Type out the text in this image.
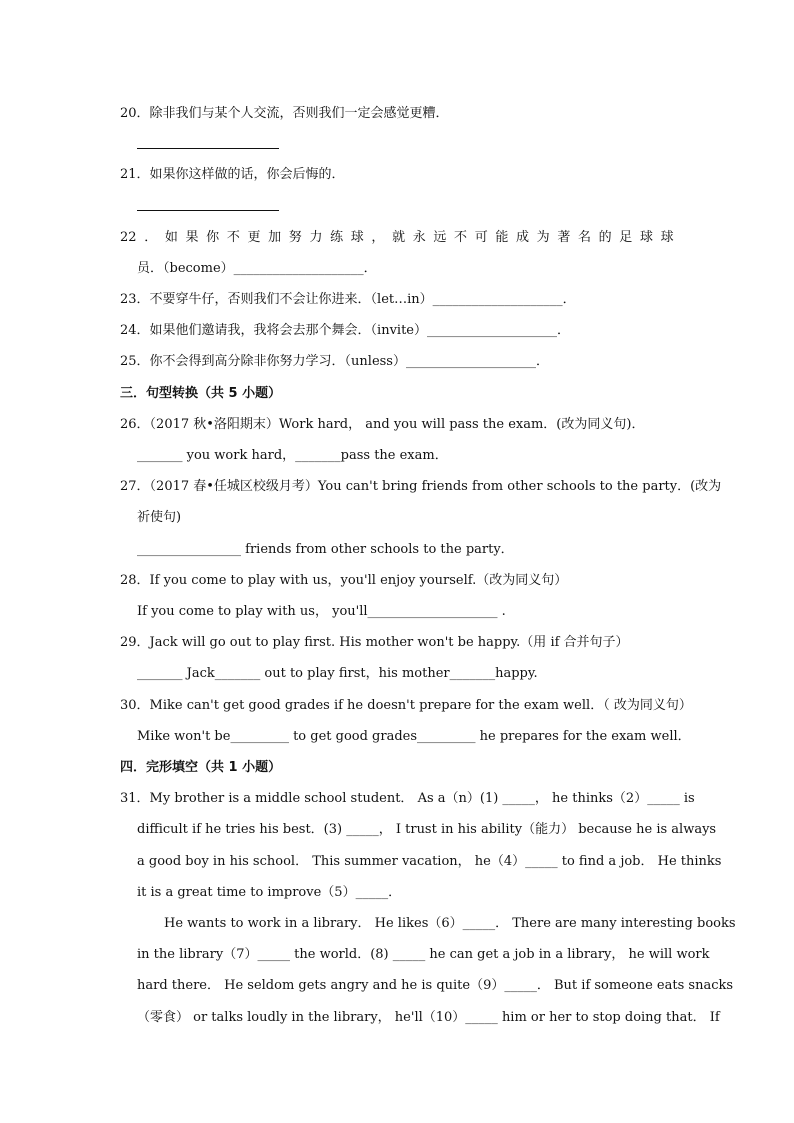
20．除非我们与某个人交流，否则我们一定会感觉更糟．
21．如果你这样做的话，你会后悔的．
22 ． 如 果 你 不 更 加 努 力 练 球 ， 就 永 远 不 可 能 成 为 著 名 的 足 球 球
员．（become）____________________．
23．不要穿牛仔，否则我们不会让你进来．（let…in）____________________．
24．如果他们邀请我，我将会去那个舞会．（invite）____________________．
25．你不会得到高分除非你努力学习．（unless）____________________．
三．句型转换（共 5 小题）
26．（2017 秋•洛阳期末）Work hard， and you will pass the exam．(改为同义句)．
_______ you work hard，_______pass the exam．
27．（2017 春•任城区校级月考）You can't bring friends from other schools to the party．(改为
祈使句)
________________ friends from other schools to the party．
28．If you come to play with us，you'll enjoy yourself.（改为同义句）
If you come to play with us， you'll____________________ .
29．Jack will go out to play first. His mother won't be happy.（用 if 合并句子）
_______ Jack_______ out to play first，his mother_______happy.
30．Mike can't get good grades if he doesn't prepare for the exam well．（ 改为同义句）
Mike won't be_________ to get good grades_________ he prepares for the exam well．
四．完形填空（共 1 小题）
31．My brother is a middle school student． As a（n）(1) _____， he thinks（2）_____ is
difficult if he tries his best．(3) _____， I trust in his ability（能力） because he is always
a good boy in his school． This summer vacation， he（4）_____ to find a job． He thinks
it is a great time to improve（5）_____．
He wants to work in a library． He likes（6）_____． There are many interesting books
in the library（7）_____ the world．(8) _____ he can get a job in a library， he will work
hard there． He seldom gets angry and he is quite（9）_____． But if someone eats snacks
（零食） or talks loudly in the library， he'll（10）_____ him or her to stop doing that． If
